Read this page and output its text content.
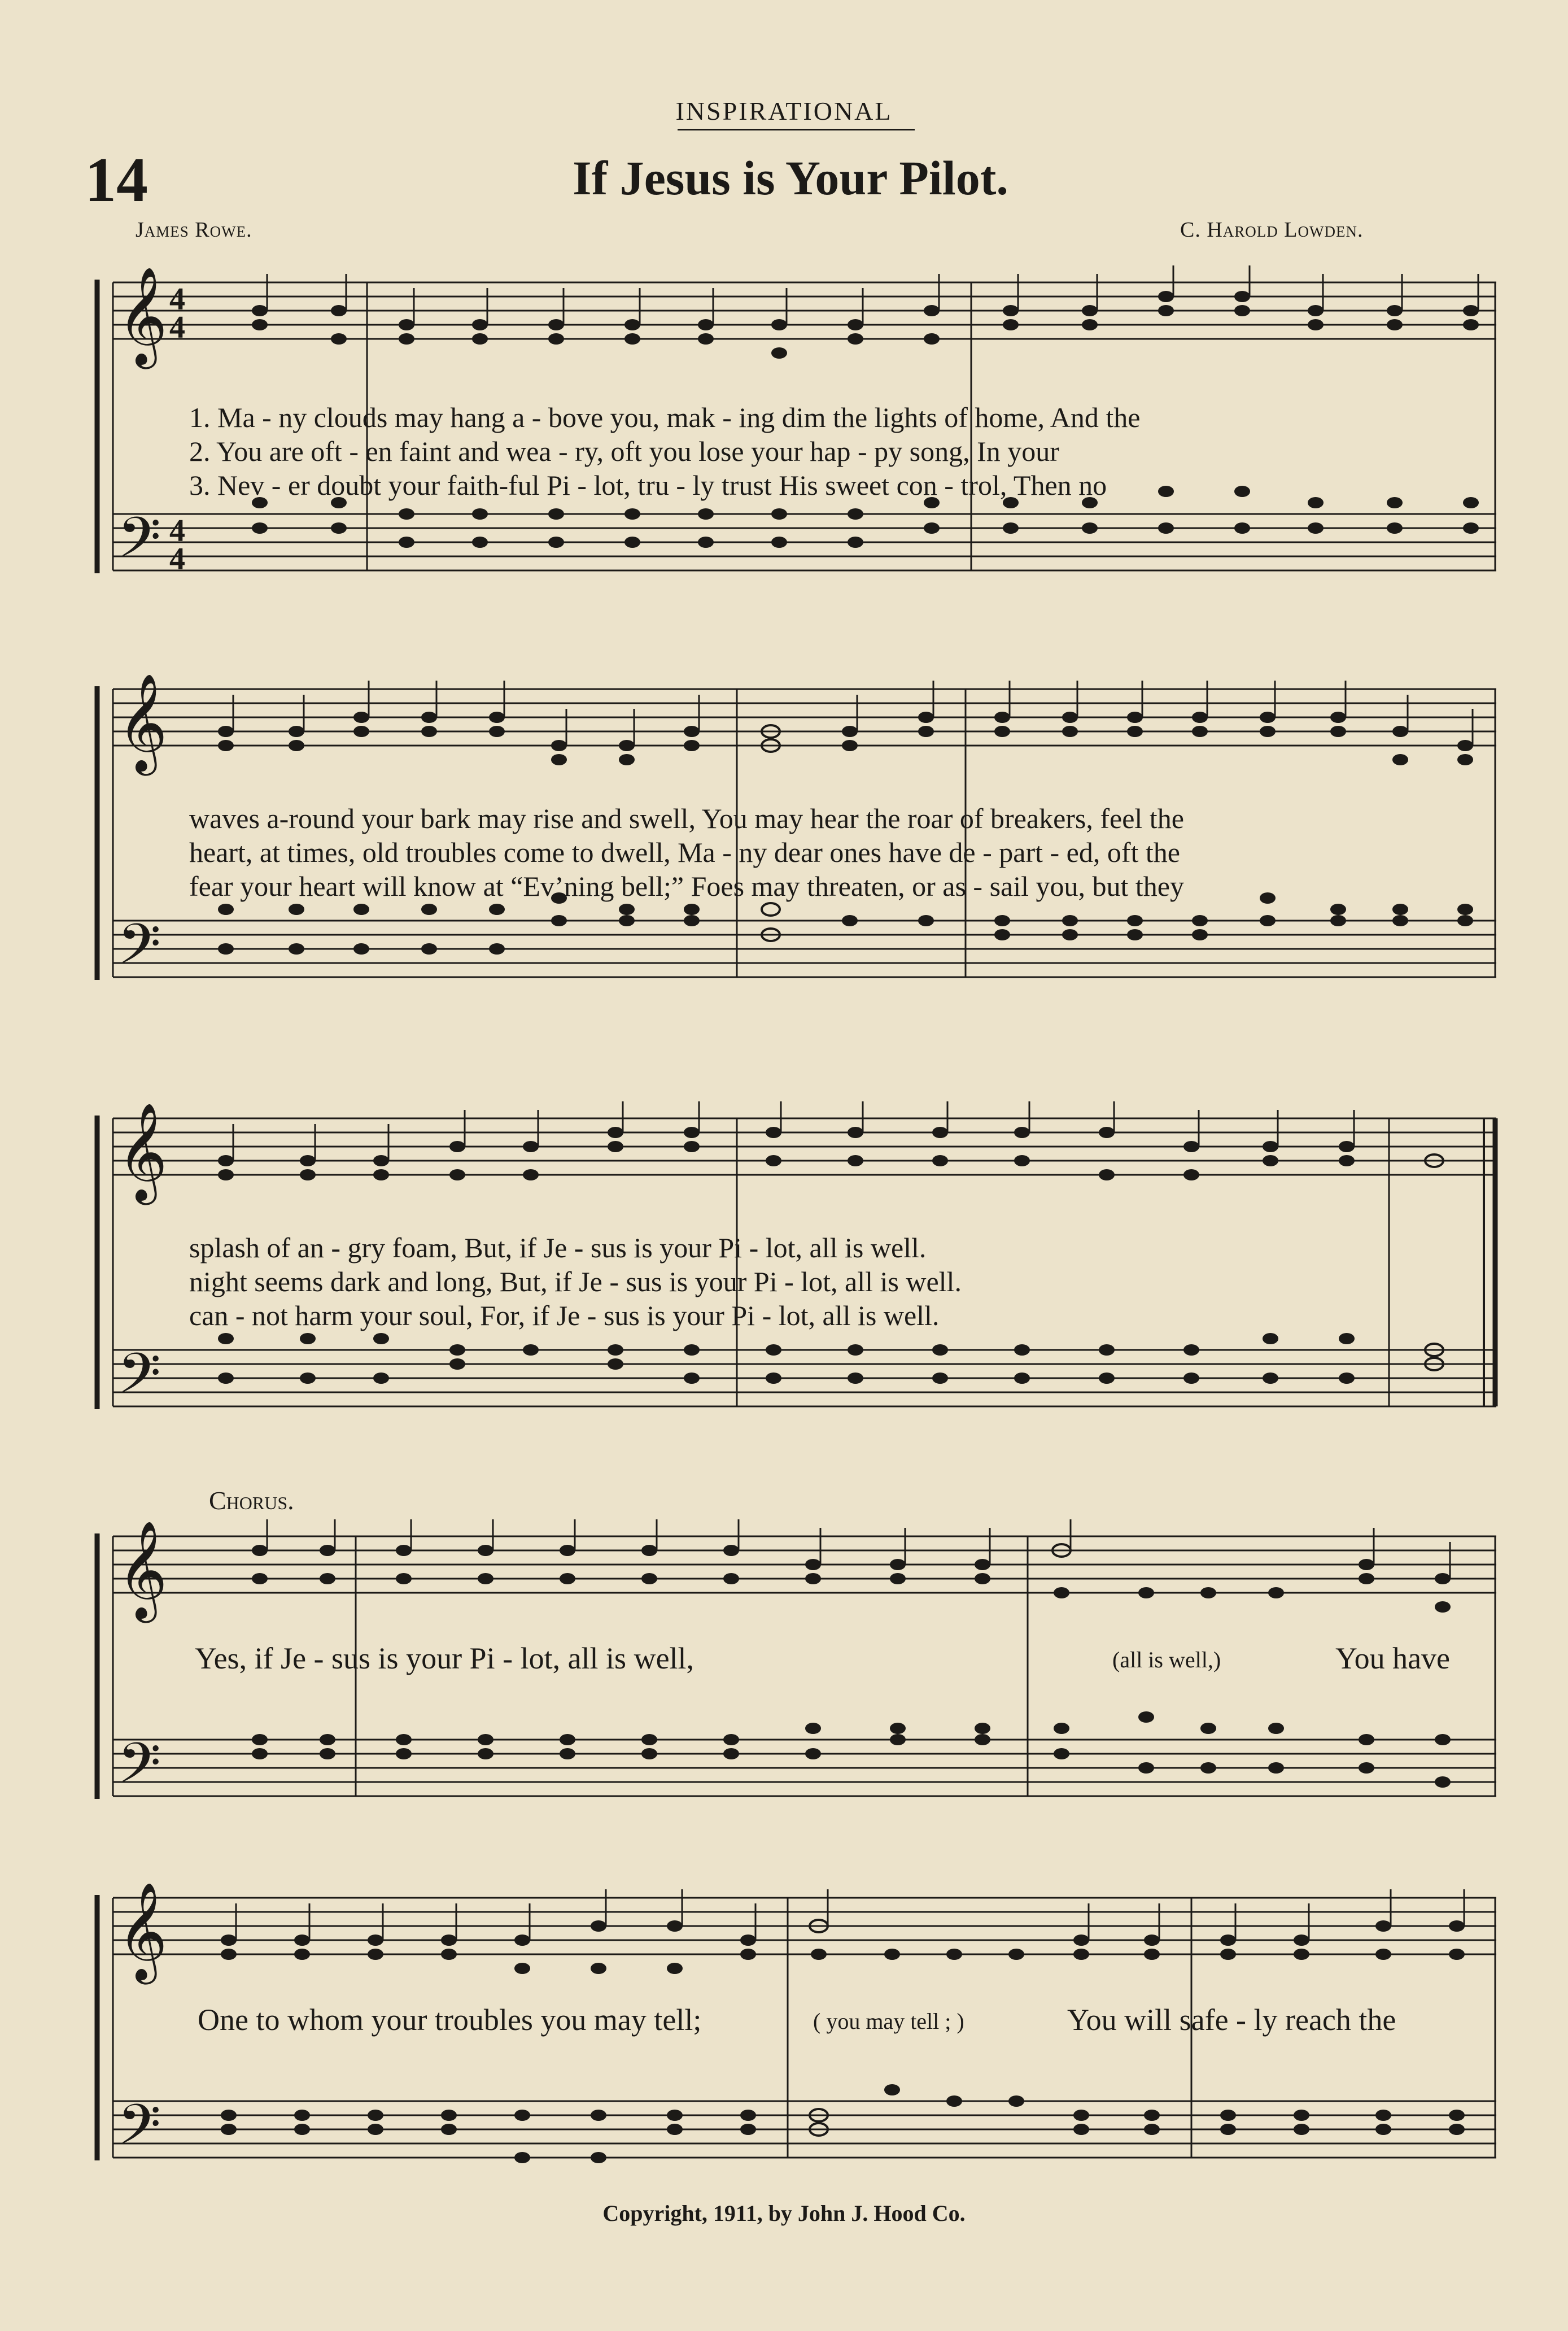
INSPIRATIONAL
14	If Jesus is Your Pilot.
James Rowe.	C. Harold Lowden.
𝄞
𝄢
4
4
4
4
1. Ma - ny clouds may hang a - bove you, mak - ing dim the lights of home, And the
2. You are oft - en faint and wea - ry, oft you lose your hap - py song, In your
3. Nev - er doubt your faith-ful Pi - lot, tru - ly trust His sweet con - trol, Then no
𝄞
𝄢
waves a-round your bark may rise and swell, You may hear the roar of breakers, feel the
heart, at times, old troubles come to dwell, Ma - ny dear ones have de - part - ed, oft the
fear your heart will know at “Ev’ning bell;” Foes may threaten, or as - sail you, but they
𝄞
𝄢
splash of an - gry foam, But, if Je - sus is your Pi - lot, all is well.
night seems dark and long, But, if Je - sus is your Pi - lot, all is well.
can - not harm your soul, For, if Je - sus is your Pi - lot, all is well.
Chorus.
𝄞
𝄢
Yes, if Je - sus is your Pi - lot, all is well,	(all is well,)	You have
𝄞
𝄢
One to whom your troubles you may tell;	( you may tell ; )	You will safe - ly reach the
Copyright, 1911, by John J. Hood Co.
